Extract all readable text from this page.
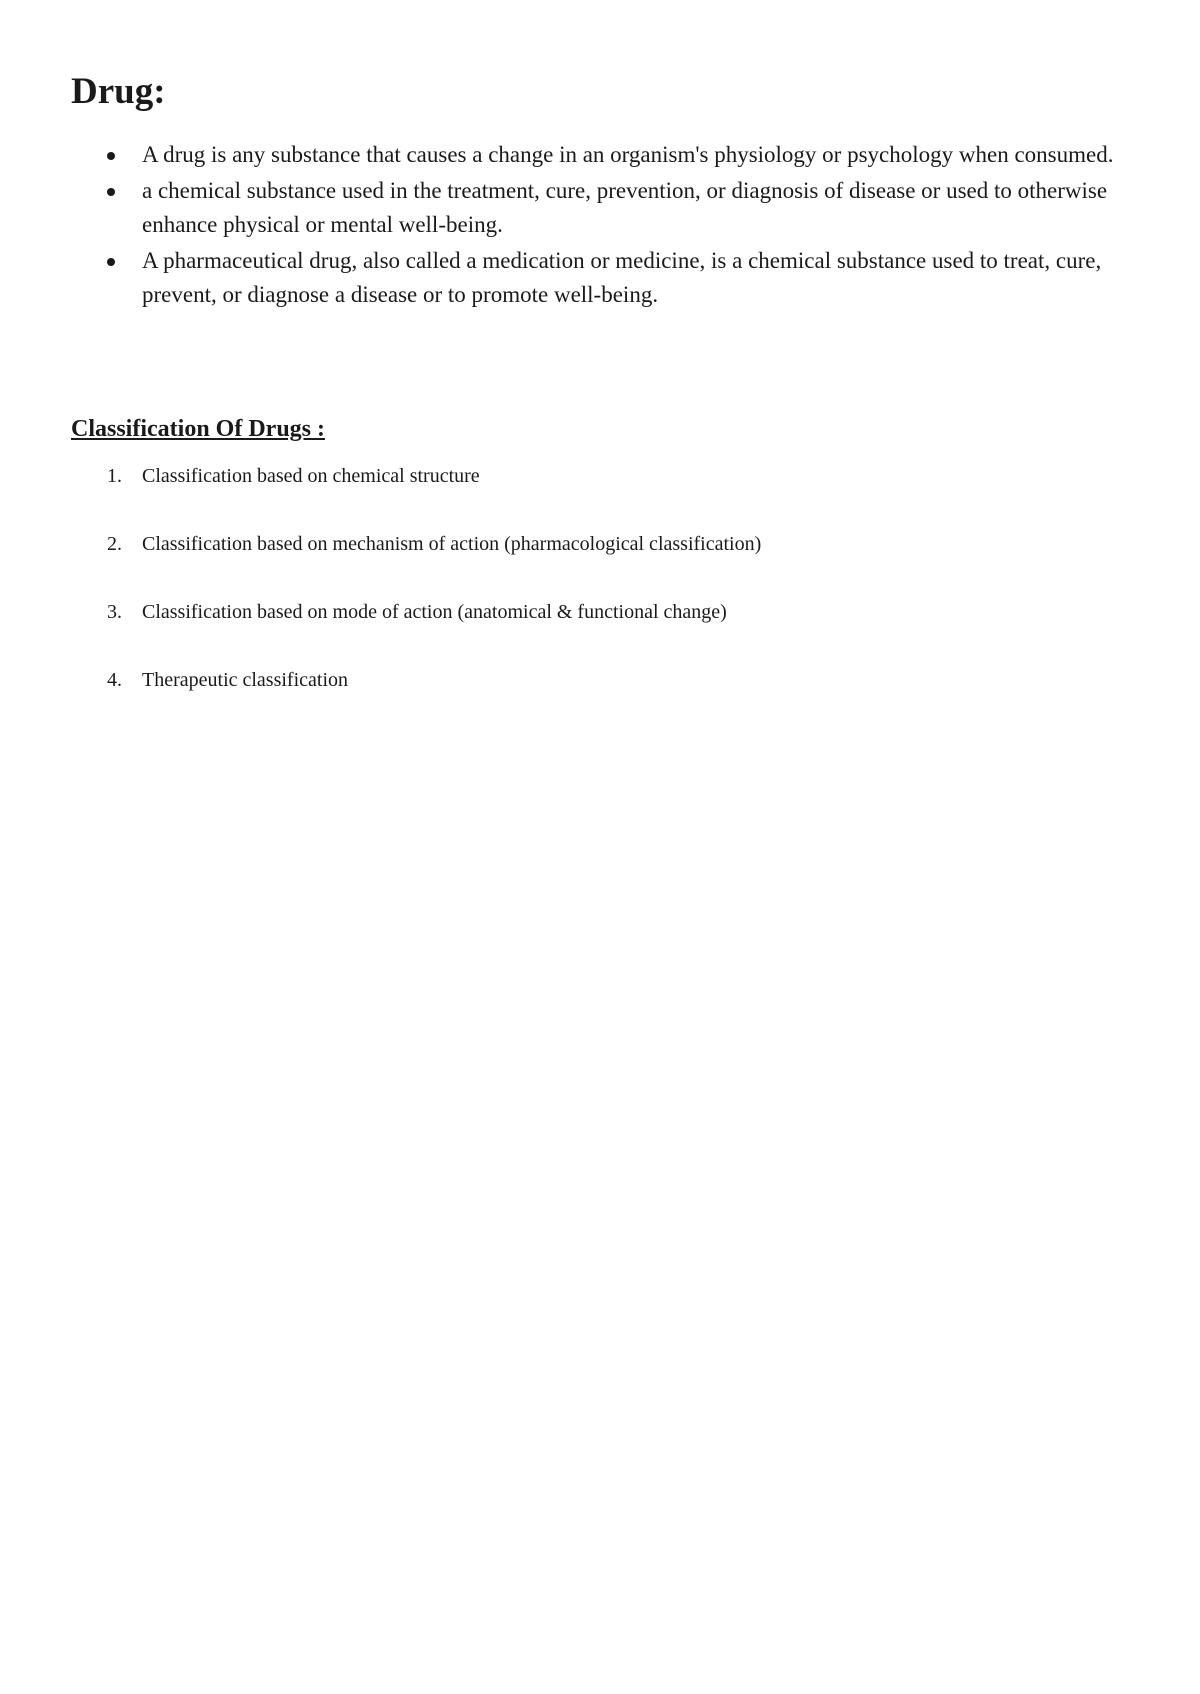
Drug:
A drug is any substance that causes a change in an organism's physiology or psychology when consumed.
a chemical substance used in the treatment, cure, prevention, or diagnosis of disease or used to otherwise enhance physical or mental well-being.
A pharmaceutical drug, also called a medication or medicine, is a chemical substance used to treat, cure, prevent, or diagnose a disease or to promote well-being.
Classification Of Drugs :
1. Classification based on chemical structure
2. Classification based on mechanism of action (pharmacological classification)
3. Classification based on mode of action (anatomical & functional change)
4. Therapeutic classification
